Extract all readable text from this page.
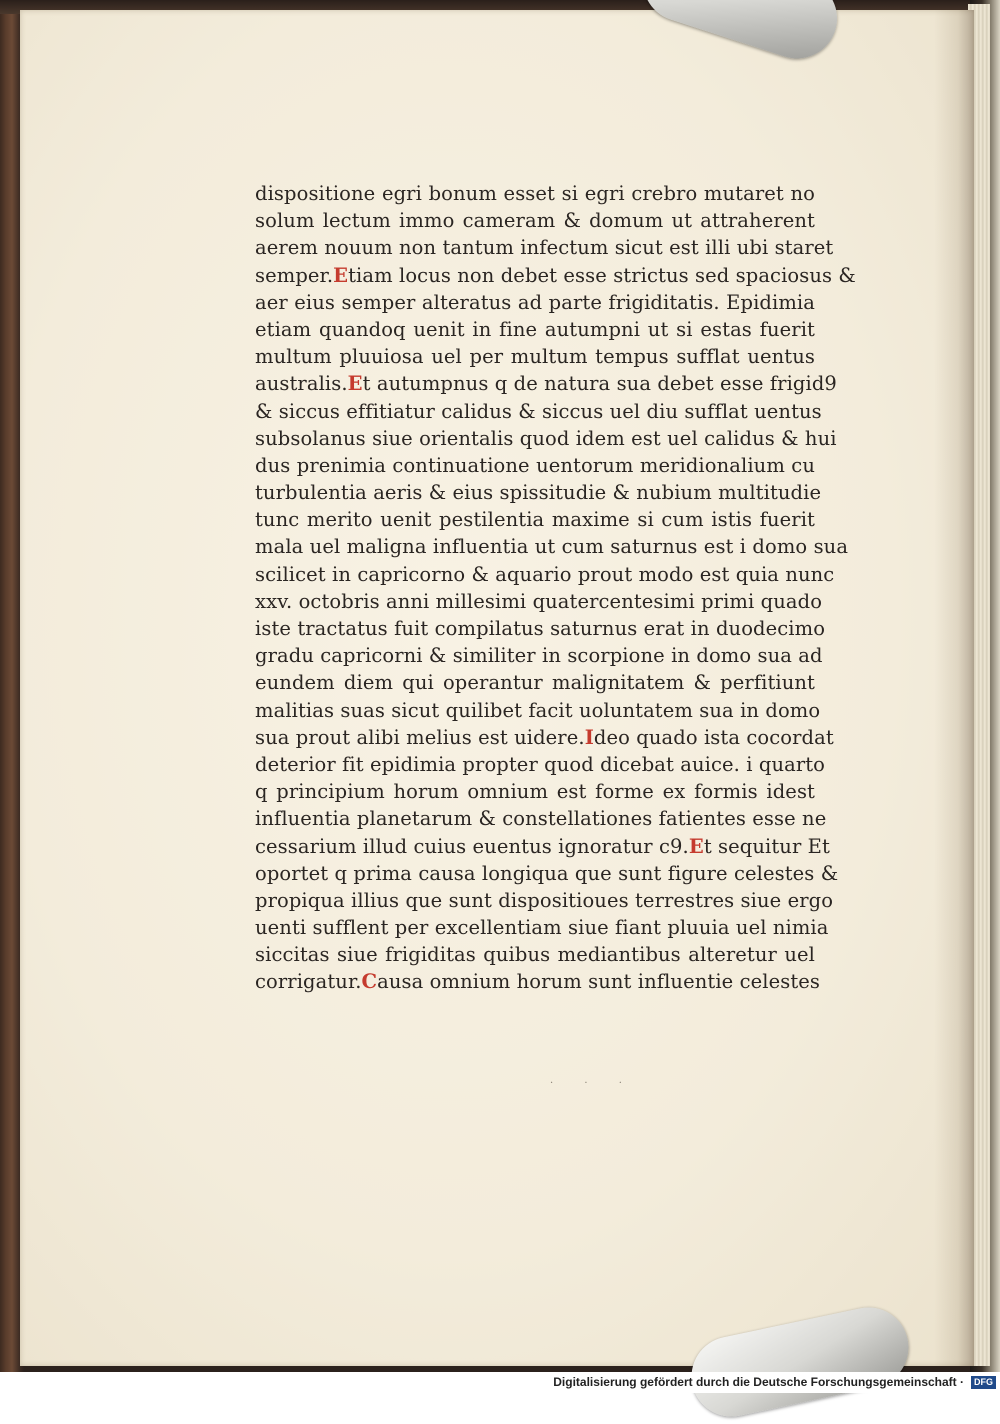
dispositione egri bonum esset si egri crebro mutaret no
solum lectum immo cameram & domum ut attraherent
aerem nouum non tantum infectum sicut est illi ubi staret
semper.Etiam locus non debet esse strictus sed spaciosus &
aer eius semper alteratus ad parte frigiditatis. Epidimia
etiam quandoq uenit in fine autumpni ut si estas fuerit
multum pluuiosa uel per multum tempus sufflat uentus
australis.Et autumpnus q de natura sua debet esse frigid9
& siccus effitiatur calidus & siccus uel diu sufflat uentus
subsolanus siue orientalis quod idem est uel calidus & hui
dus prenimia continuatione uentorum meridionalium cu
turbulentia aeris & eius spissitudie & nubium multitudie
tunc merito uenit pestilentia maxime si cum istis fuerit
mala uel maligna influentia ut cum saturnus est i domo sua
scilicet in capricorno & aquario prout modo est quia nunc
xxv. octobris anni millesimi quatercentesimi primi quado
iste tractatus fuit compilatus saturnus erat in duodecimo
gradu capricorni & similiter in scorpione in domo sua ad
eundem diem qui operantur malignitatem & perfitiunt
malitias suas sicut quilibet facit uoluntatem sua in domo
sua prout alibi melius est uidere.Ideo quado ista cocordat
deterior fit epidimia propter quod dicebat auice. i quarto
q principium horum omnium est forme ex formis idest
influentia planetarum & constellationes fatientes esse ne
cessarium illud cuius euentus ignoratur c9.Et sequitur Et
oportet q prima causa longiqua que sunt figure celestes &
propiqua illius que sunt dispositioues terrestres siue ergo
uenti sufflent per excellentiam siue fiant pluuia uel nimia
siccitas siue frigiditas quibus mediantibus alteretur uel
corrigatur.Causa omnium horum sunt influentie celestes
· · ·
Digitalisierung gefördert durch die Deutsche Forschungsgemeinschaft ·	DFG
